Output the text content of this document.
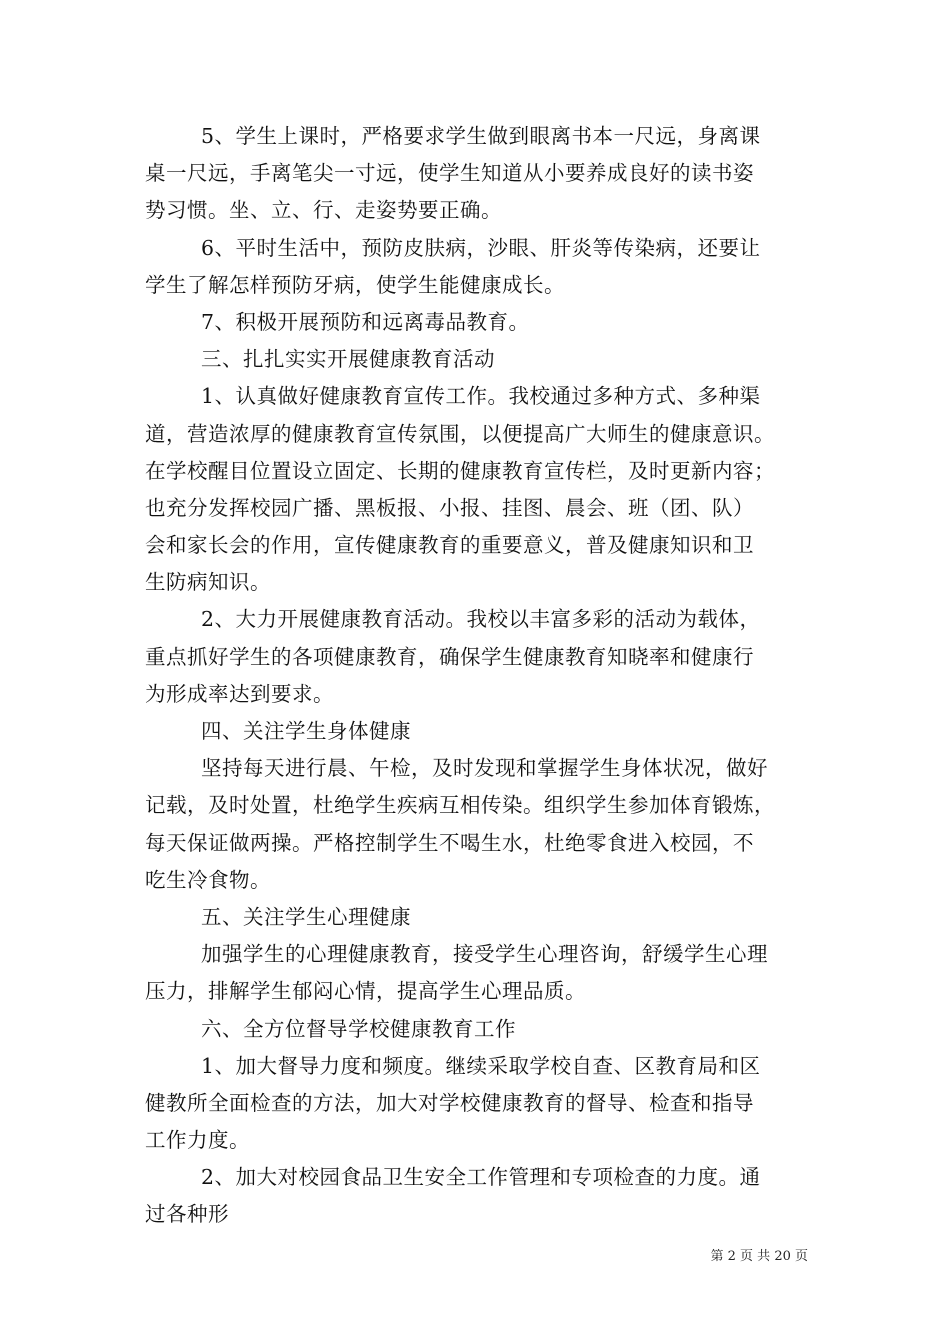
5、学生上课时，严格要求学生做到眼离书本一尺远，身离课
桌一尺远，手离笔尖一寸远，使学生知道从小要养成良好的读书姿
势习惯。坐、立、行、走姿势要正确。
6、平时生活中，预防皮肤病，沙眼、肝炎等传染病，还要让
学生了解怎样预防牙病，使学生能健康成长。
7、积极开展预防和远离毒品教育。
三、扎扎实实开展健康教育活动
1、认真做好健康教育宣传工作。我校通过多种方式、多种渠
道，营造浓厚的健康教育宣传氛围，以便提高广大师生的健康意识。
在学校醒目位置设立固定、长期的健康教育宣传栏，及时更新内容；
也充分发挥校园广播、黑板报、小报、挂图、晨会、班（团、队）
会和家长会的作用，宣传健康教育的重要意义，普及健康知识和卫
生防病知识。
2、大力开展健康教育活动。我校以丰富多彩的活动为载体，
重点抓好学生的各项健康教育，确保学生健康教育知晓率和健康行
为形成率达到要求。
四、关注学生身体健康
坚持每天进行晨、午检，及时发现和掌握学生身体状况，做好
记载，及时处置，杜绝学生疾病互相传染。组织学生参加体育锻炼，
每天保证做两操。严格控制学生不喝生水，杜绝零食进入校园，不
吃生冷食物。
五、关注学生心理健康
加强学生的心理健康教育，接受学生心理咨询，舒缓学生心理
压力，排解学生郁闷心情，提高学生心理品质。
六、全方位督导学校健康教育工作
1、加大督导力度和频度。继续采取学校自查、区教育局和区
健教所全面检查的方法，加大对学校健康教育的督导、检查和指导
工作力度。
2、加大对校园食品卫生安全工作管理和专项检查的力度。通
过各种形
第 2 页 共 20 页
